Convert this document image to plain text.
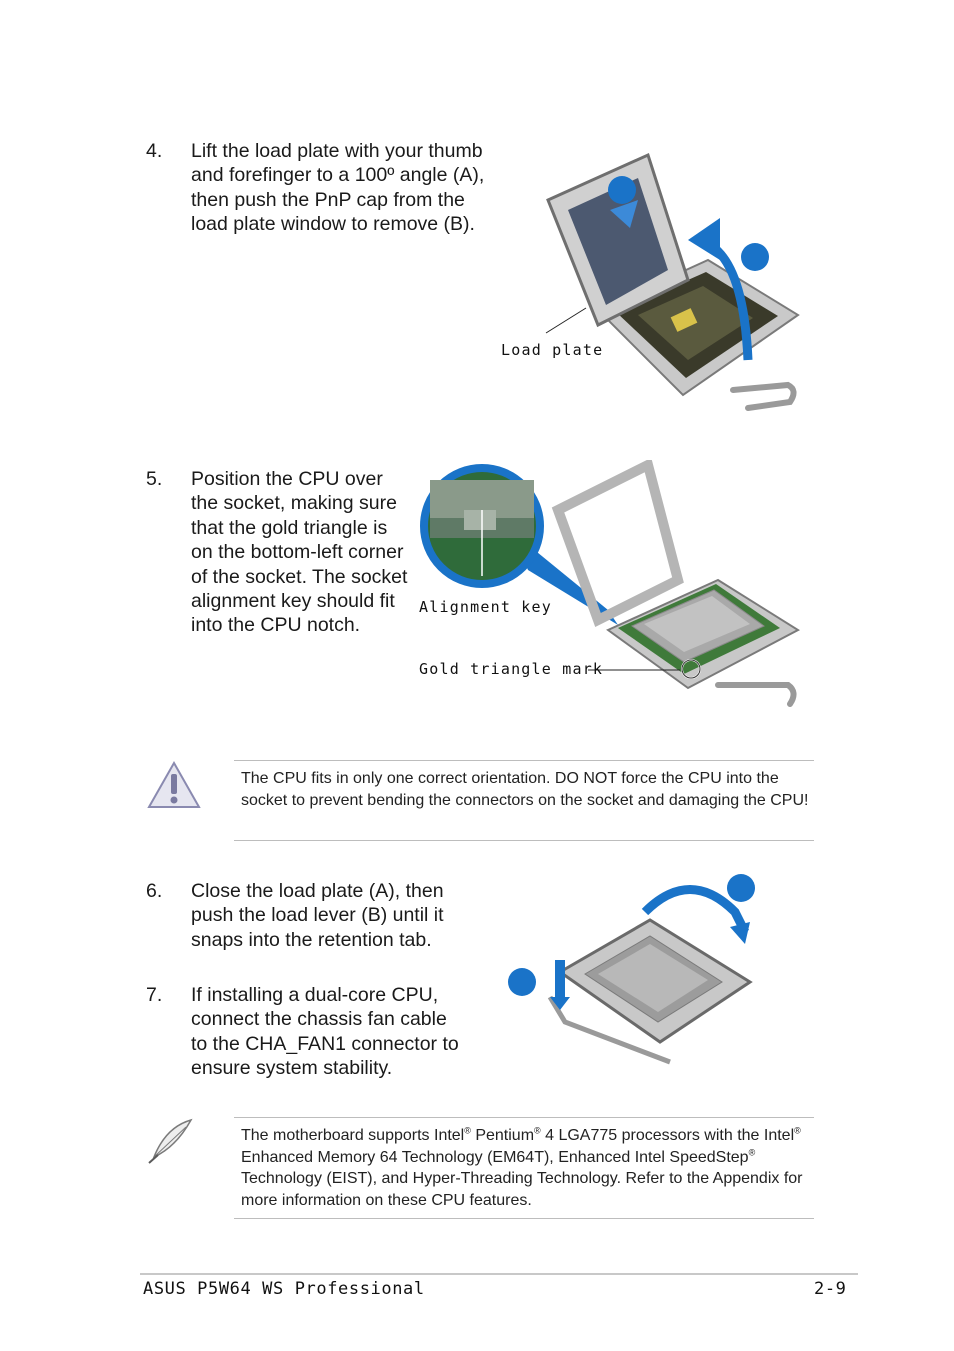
4. Lift the load plate with your thumb and forefinger to a 100º angle (A), then push the PnP cap from the load plate window to remove (B).
Load plate
5. Position the CPU over the socket, making sure that the gold triangle is on the bottom-left corner of the socket. The socket alignment key should fit into the CPU notch.
Alignment key
Gold triangle mark
The CPU fits in only one correct orientation. DO NOT force the CPU into the socket to prevent bending the connectors on the socket and damaging the CPU!
6. Close the load plate (A), then push the load lever (B) until it snaps into the retention tab.
7. If installing a dual-core CPU, connect the chassis fan cable to the CHA_FAN1 connector to ensure system stability.
The motherboard supports Intel® Pentium® 4 LGA775 processors with the Intel® Enhanced Memory 64 Technology (EM64T), Enhanced Intel SpeedStep® Technology (EIST), and Hyper-Threading Technology. Refer to the Appendix for more information on these CPU features.
ASUS P5W64 WS Professional	2-9
